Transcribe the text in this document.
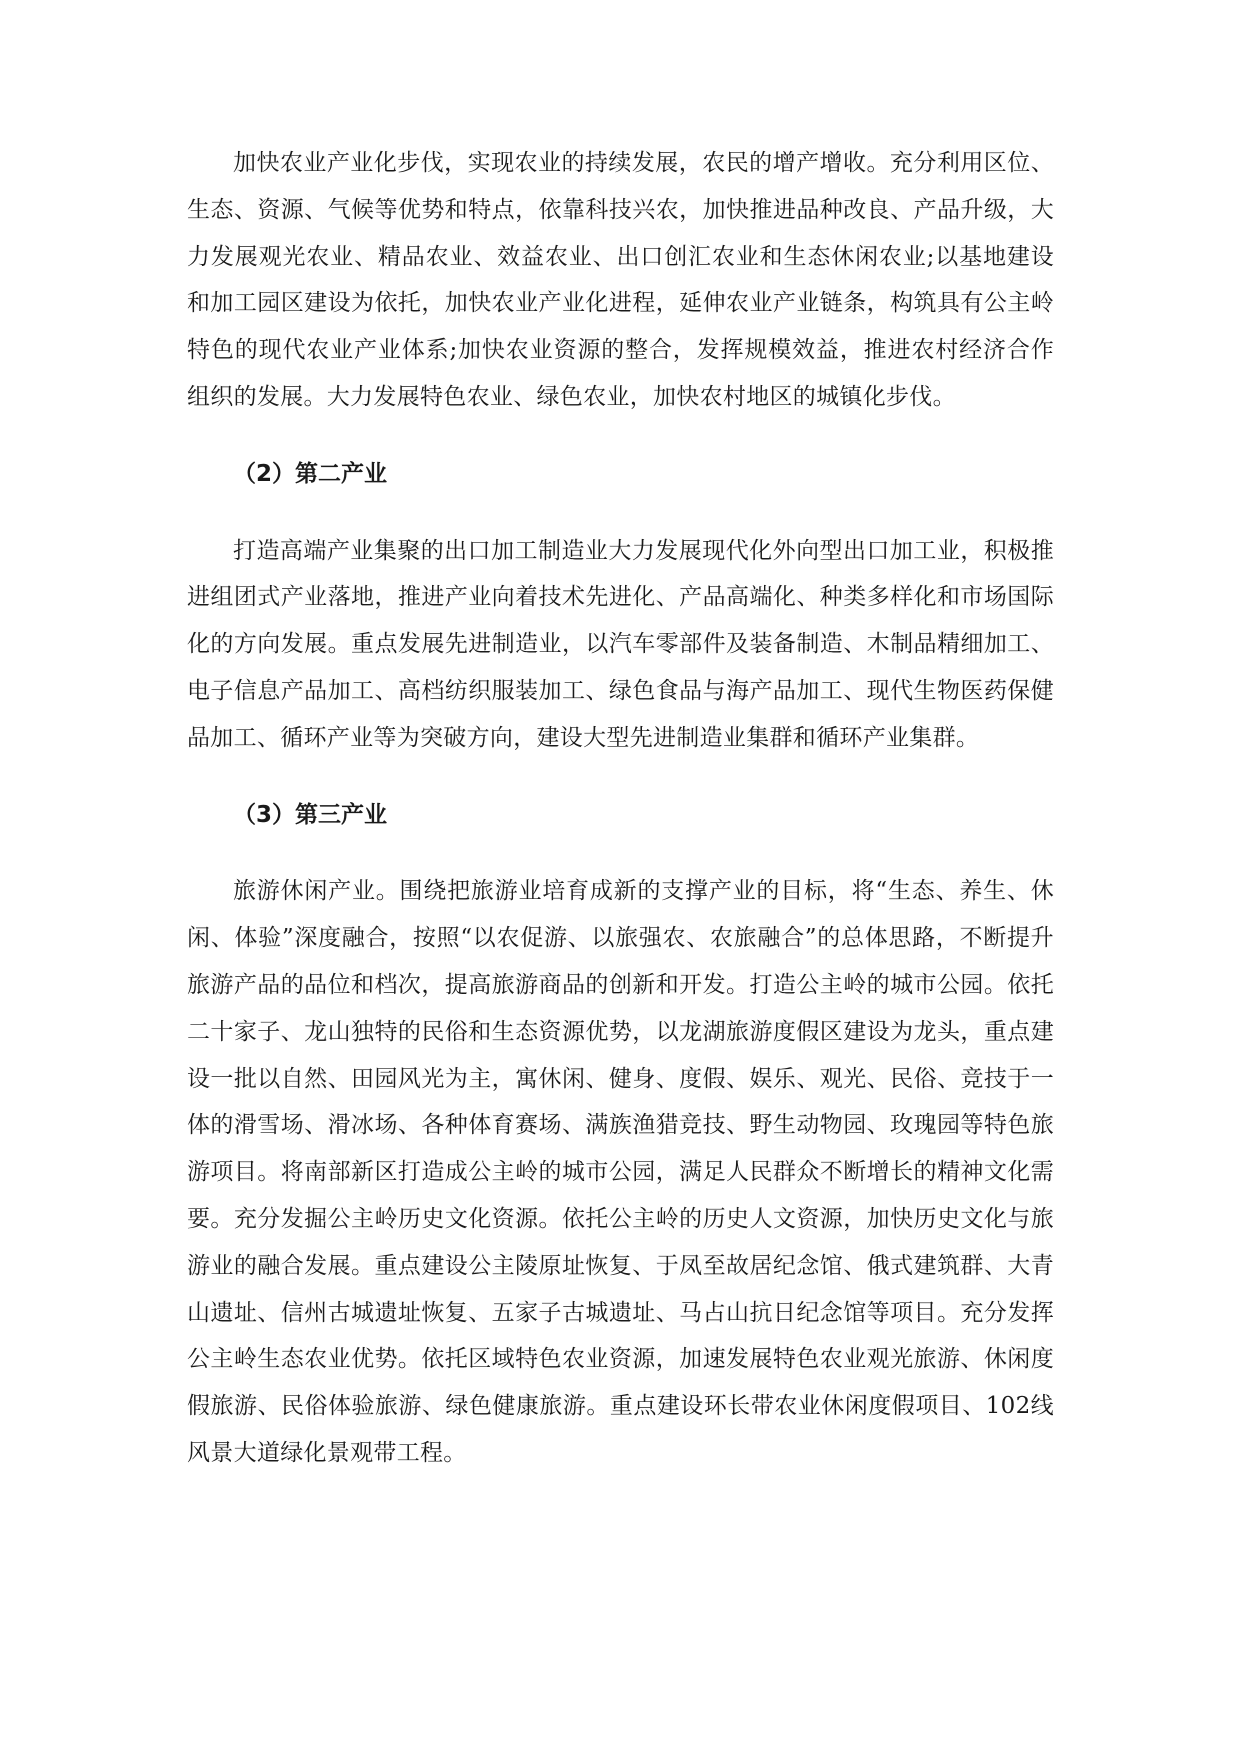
加快农业产业化步伐，实现农业的持续发展，农民的增产增收。充分利用区位、生态、资源、气候等优势和特点，依靠科技兴农，加快推进品种改良、产品升级，大力发展观光农业、精品农业、效益农业、出口创汇农业和生态休闲农业;以基地建设和加工园区建设为依托，加快农业产业化进程，延伸农业产业链条，构筑具有公主岭特色的现代农业产业体系;加快农业资源的整合，发挥规模效益，推进农村经济合作组织的发展。大力发展特色农业、绿色农业，加快农村地区的城镇化步伐。

（2）第二产业

打造高端产业集聚的出口加工制造业大力发展现代化外向型出口加工业，积极推进组团式产业落地，推进产业向着技术先进化、产品高端化、种类多样化和市场国际化的方向发展。重点发展先进制造业，以汽车零部件及装备制造、木制品精细加工、电子信息产品加工、高档纺织服装加工、绿色食品与海产品加工、现代生物医药保健品加工、循环产业等为突破方向，建设大型先进制造业集群和循环产业集群。

（3）第三产业

旅游休闲产业。围绕把旅游业培育成新的支撑产业的目标，将“生态、养生、休闲、体验”深度融合，按照“以农促游、以旅强农、农旅融合”的总体思路，不断提升旅游产品的品位和档次，提高旅游商品的创新和开发。打造公主岭的城市公园。依托二十家子、龙山独特的民俗和生态资源优势，以龙湖旅游度假区建设为龙头，重点建设一批以自然、田园风光为主，寓休闲、健身、度假、娱乐、观光、民俗、竞技于一体的滑雪场、滑冰场、各种体育赛场、满族渔猎竞技、野生动物园、玫瑰园等特色旅游项目。将南部新区打造成公主岭的城市公园，满足人民群众不断增长的精神文化需要。充分发掘公主岭历史文化资源。依托公主岭的历史人文资源，加快历史文化与旅游业的融合发展。重点建设公主陵原址恢复、于凤至故居纪念馆、俄式建筑群、大青山遗址、信州古城遗址恢复、五家子古城遗址、马占山抗日纪念馆等项目。充分发挥公主岭生态农业优势。依托区域特色农业资源，加速发展特色农业观光旅游、休闲度假旅游、民俗体验旅游、绿色健康旅游。重点建设环长带农业休闲度假项目、102线风景大道绿化景观带工程。
